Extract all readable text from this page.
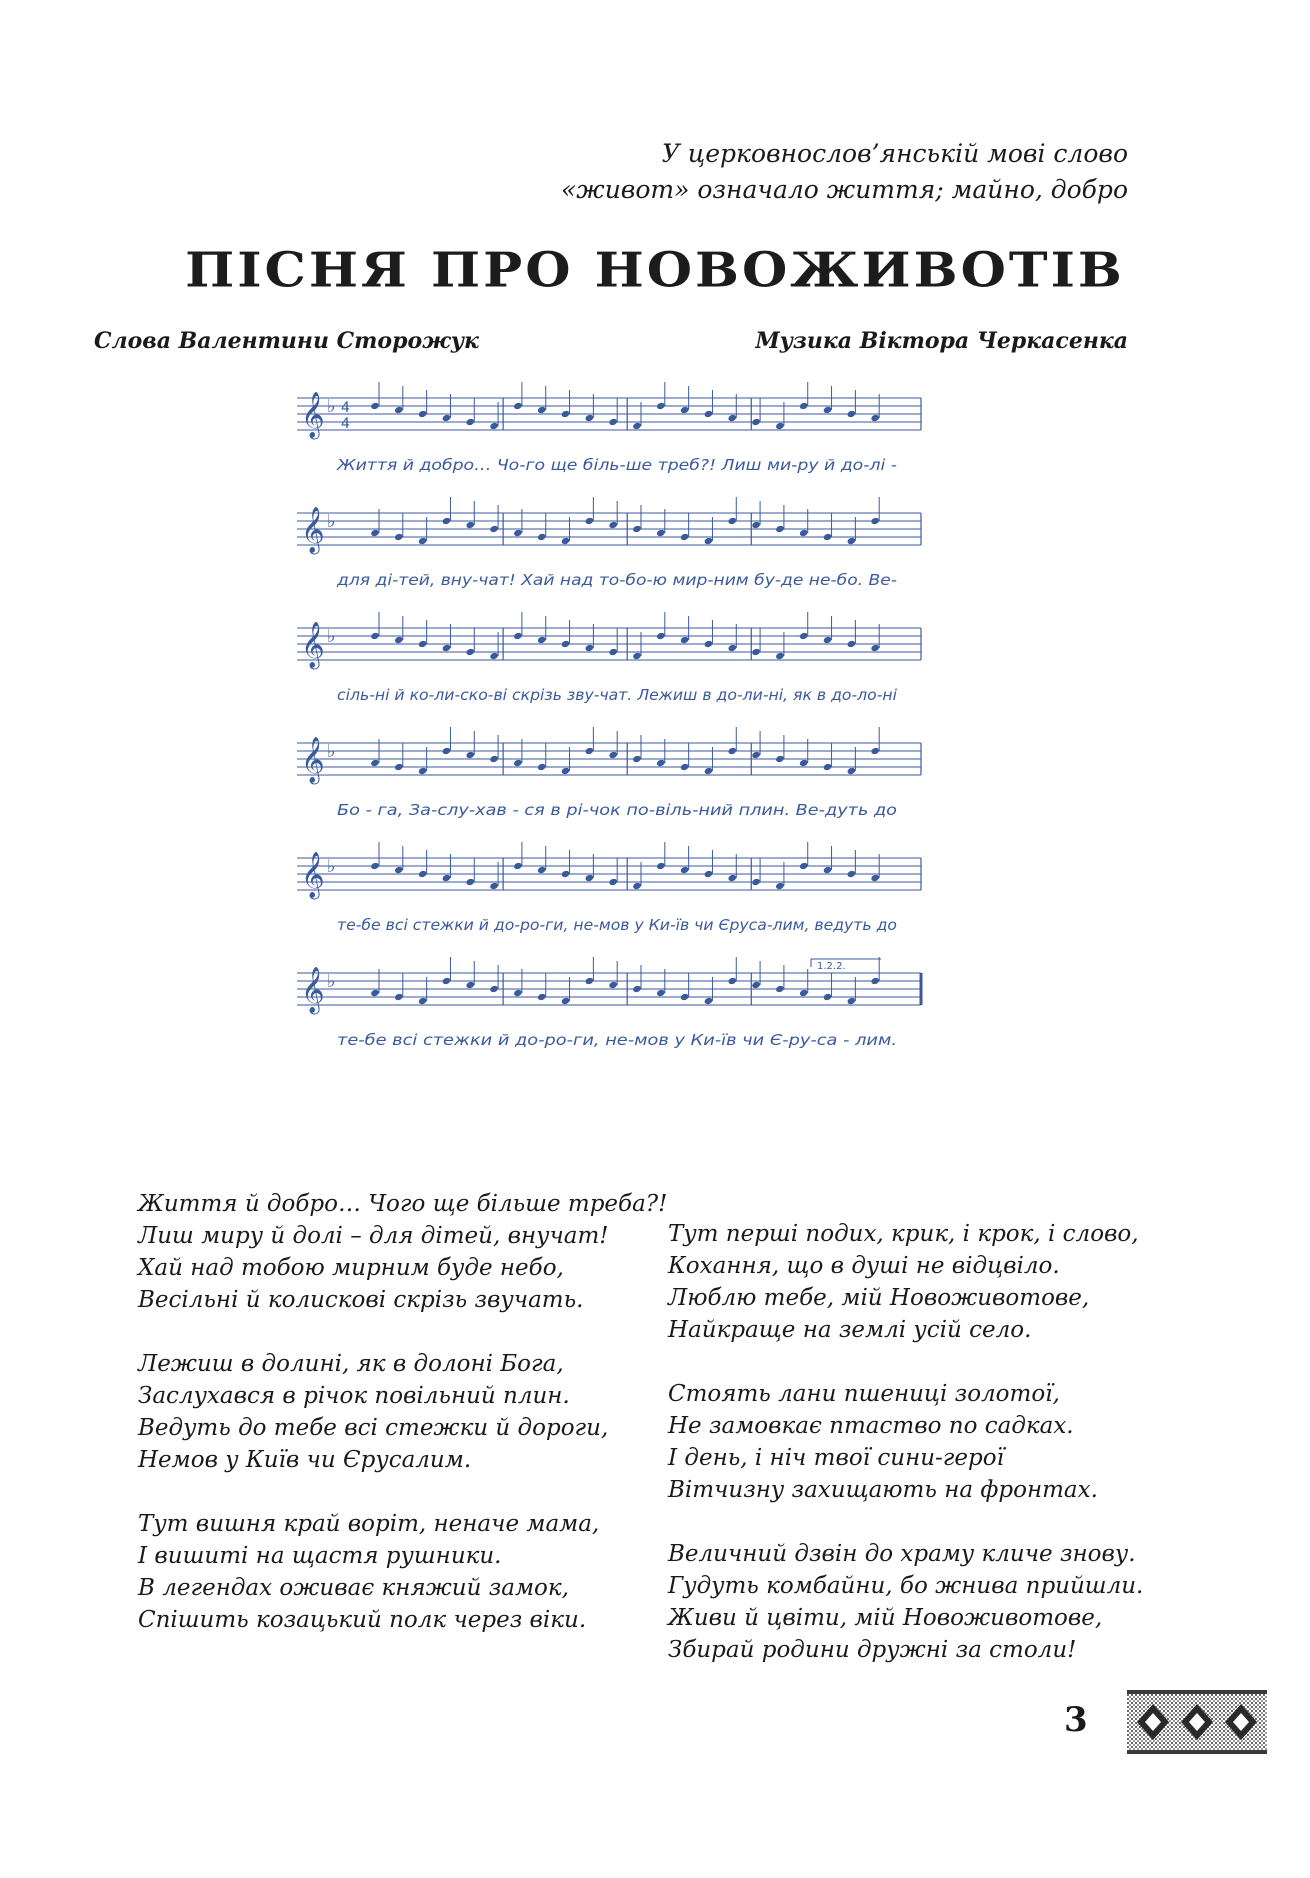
У церковнослов’янській мові слово
«живот» означало життя; майно, добро
ПІСНЯ ПРО НОВОЖИВОТІВ
Слова Валентини Сторожук	Музика Віктора Черкасенка
𝄞 ♭ 4
4
Життя й добро… Чо-го ще біль-ше треб?! Лиш ми-ру й до-лі -
𝄞 ♭
для ді-тей, вну-чат! Хай над то-бо-ю мир-ним бу-де не-бо. Ве-
𝄞 ♭
сіль-ні й ко-ли-ско-ві скрізь зву-чат. Лежиш в до-ли-ні, як в до-ло-ні
𝄞 ♭
Бо - га, За-слу-хав - ся в рі-чок по-віль-ний плин. Ве-дуть до
𝄞 ♭
те-бе всі стежки й до-ро-ги, не-мов у Ки-їв чи Єруса-лим, ведуть до
𝄞 ♭
те-бе всі стежки й до-ро-ги, не-мов у Ки-їв чи Є-ру-са - лим.
1.2.2.
Життя й добро… Чого ще більше треба?!
Лиш миру й долі – для дітей, внучат!
Хай над тобою мирним буде небо,
Весільні й колискові скрізь звучать.
Лежиш в долині, як в долоні Бога,
Заслухався в річок повільний плин.
Ведуть до тебе всі стежки й дороги,
Немов у Київ чи Єрусалим.
Тут вишня край воріт, неначе мама,
І вишиті на щастя рушники.
В легендах оживає княжий замок,
Спішить козацький полк через віки.
Тут перші подих, крик, і крок, і слово,
Кохання, що в душі не відцвіло.
Люблю тебе, мій Новоживотове,
Найкраще на землі усій село.
Стоять лани пшениці золотої,
Не замовкає птаство по садках.
І день, і ніч твої сини-герої
Вітчизну захищають на фронтах.
Величний дзвін до храму кличе знову.
Гудуть комбайни, бо жнива прийшли.
Живи й цвіти, мій Новоживотове,
Збирай родини дружні за столи!
3
